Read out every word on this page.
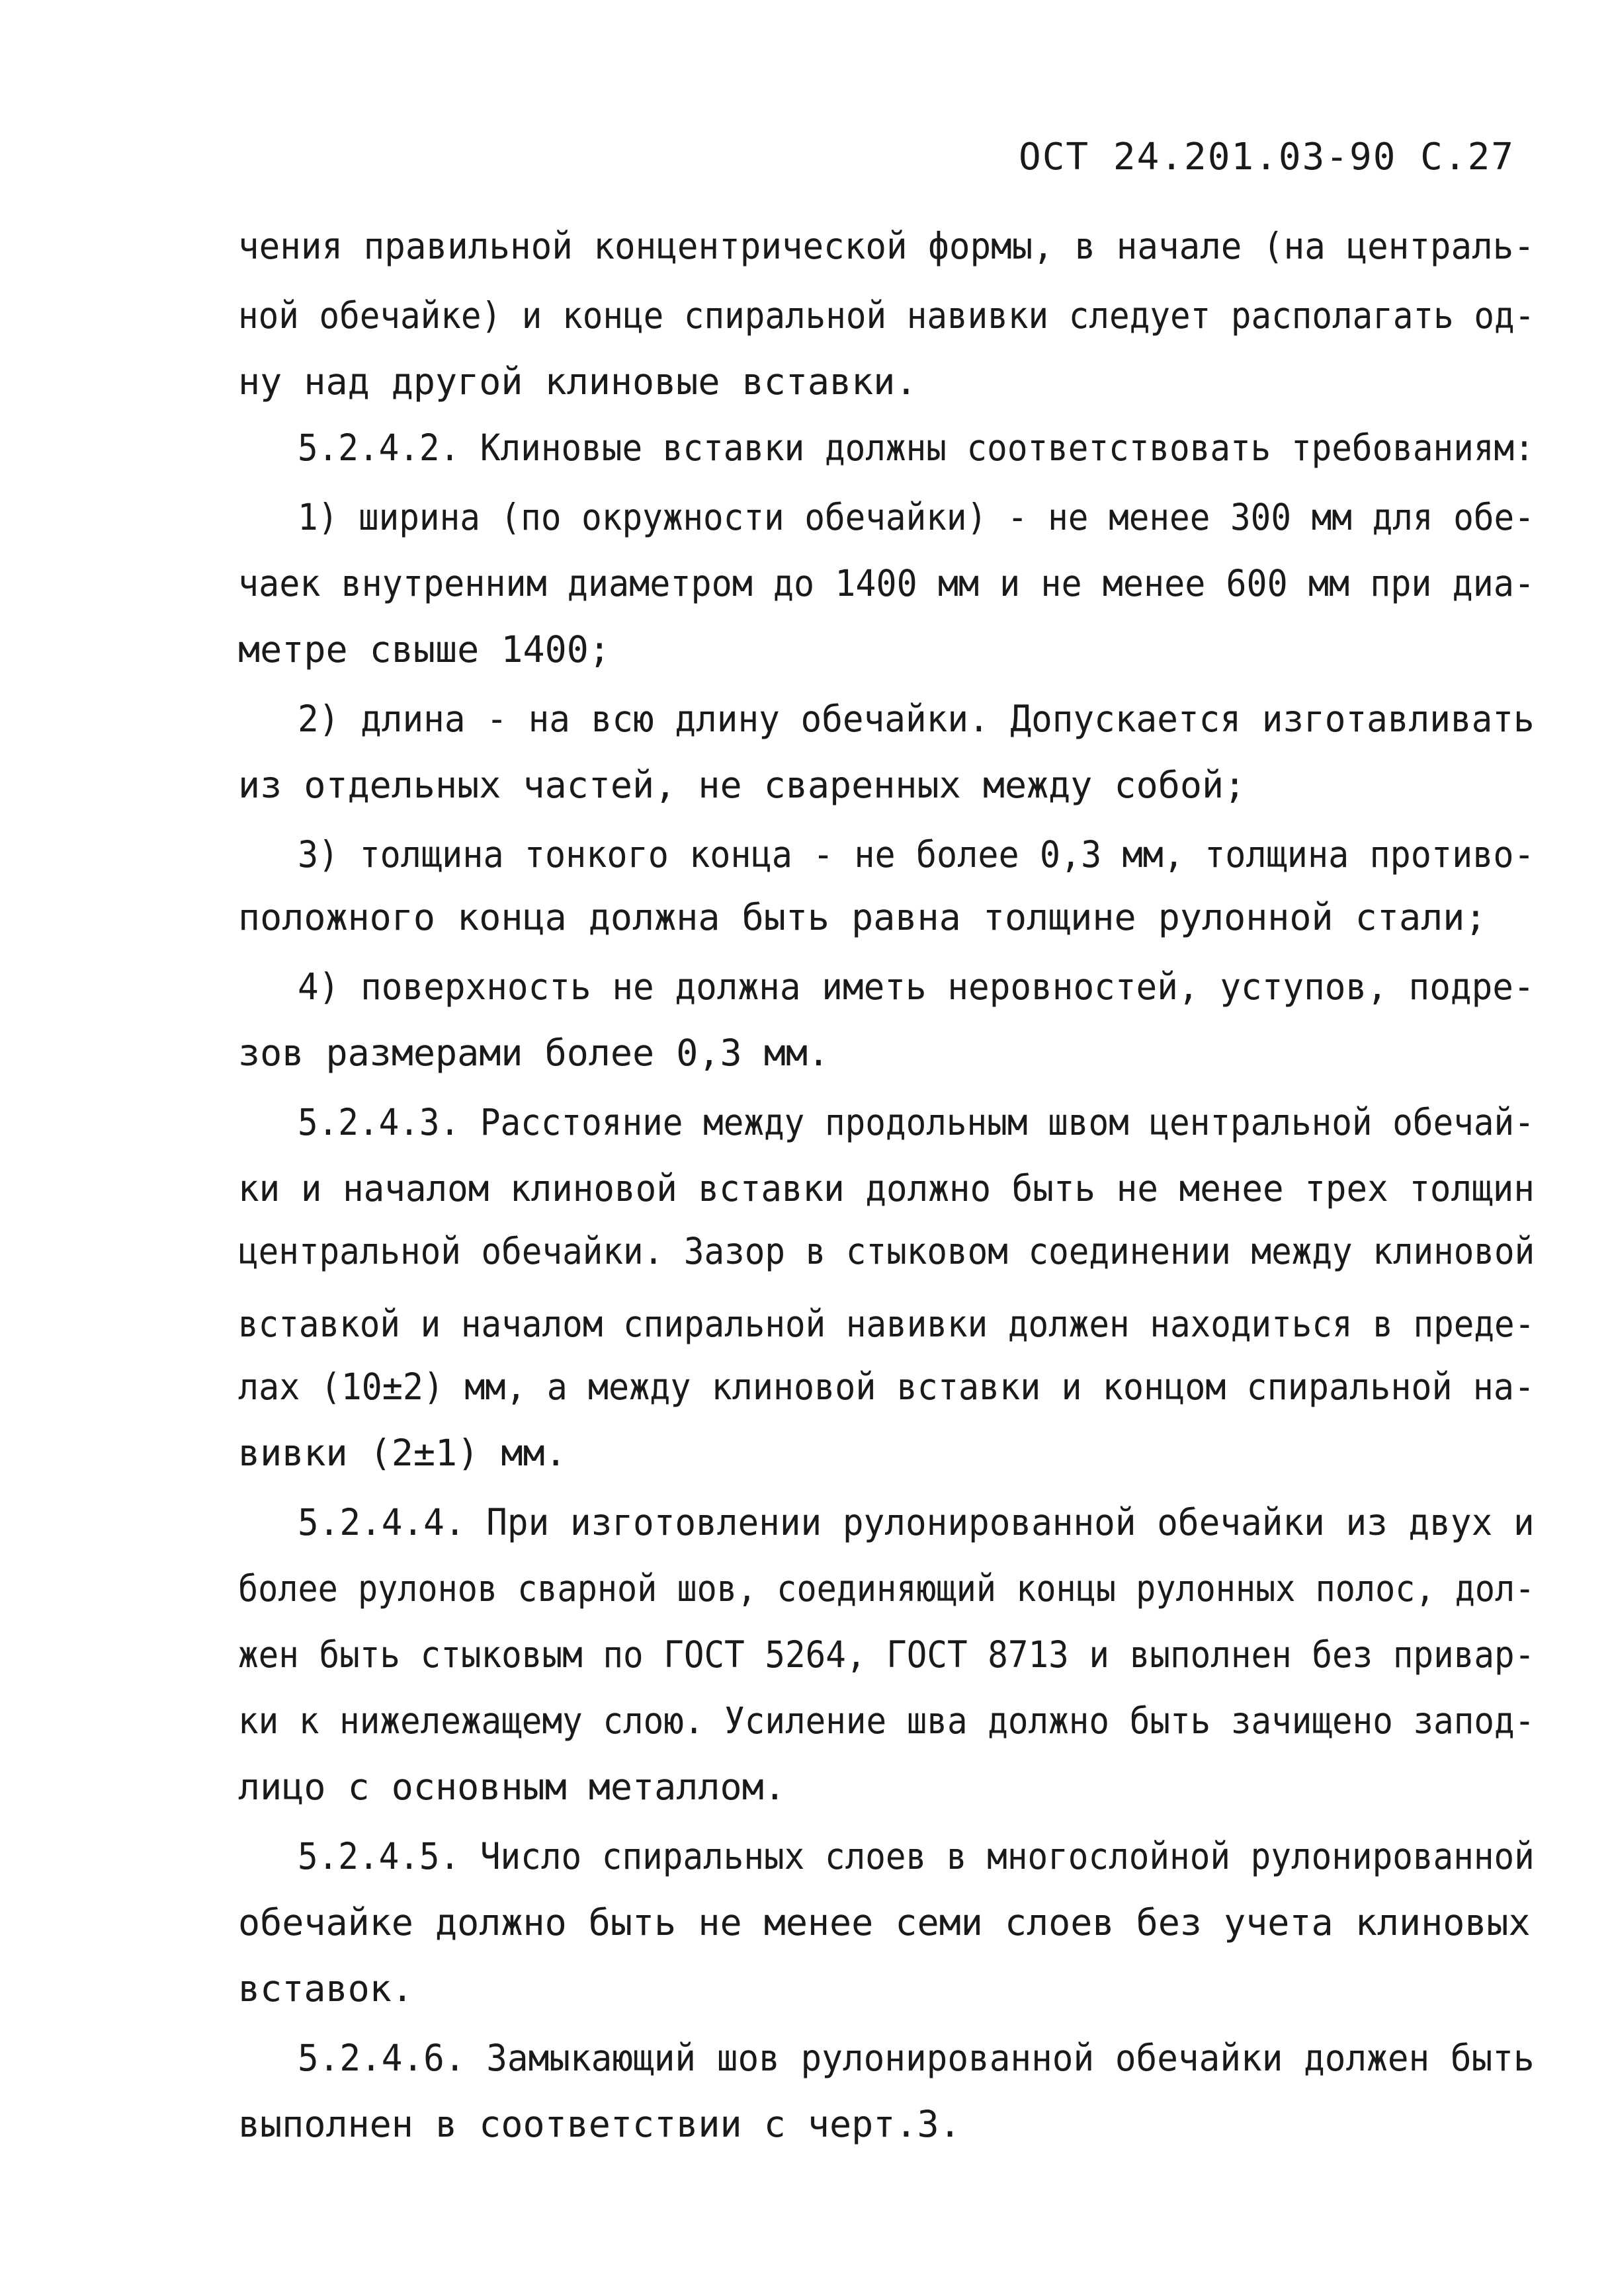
ОСТ 24.201.03-90 С.27
чения правильной концентрической формы, в начале (на централь-
ной обечайке) и конце спиральной навивки следует располагать од-
ну над другой клиновые вставки.
5.2.4.2. Клиновые вставки должны соответствовать требованиям:
1) ширина (по окружности обечайки) - не менее 300 мм для обе-
чаек внутренним диаметром до 1400 мм и не менее 600 мм при диа-
метре свыше 1400;
2) длина - на всю длину обечайки. Допускается изготавливать
из отдельных частей, не сваренных между собой;
3) толщина тонкого конца - не более 0,3 мм, толщина противо-
положного конца должна быть равна толщине рулонной стали;
4) поверхность не должна иметь неровностей, уступов, подре-
зов размерами более 0,3 мм.
5.2.4.3. Расстояние между продольным швом центральной обечай-
ки и началом клиновой вставки должно быть не менее трех толщин
центральной обечайки. Зазор в стыковом соединении между клиновой
вставкой и началом спиральной навивки должен находиться в преде-
лах (10±2) мм, а между клиновой вставки и концом спиральной на-
вивки (2±1) мм.
5.2.4.4. При изготовлении рулонированной обечайки из двух и
более рулонов сварной шов, соединяющий концы рулонных полос, дол-
жен быть стыковым по ГОСТ 5264, ГОСТ 8713 и выполнен без привар-
ки к нижележащему слою. Усиление шва должно быть зачищено запод-
лицо с основным металлом.
5.2.4.5. Число спиральных слоев в многослойной рулонированной
обечайке должно быть не менее семи слоев без учета клиновых
вставок.
5.2.4.6. Замыкающий шов рулонированной обечайки должен быть
выполнен в соответствии с черт.3.
